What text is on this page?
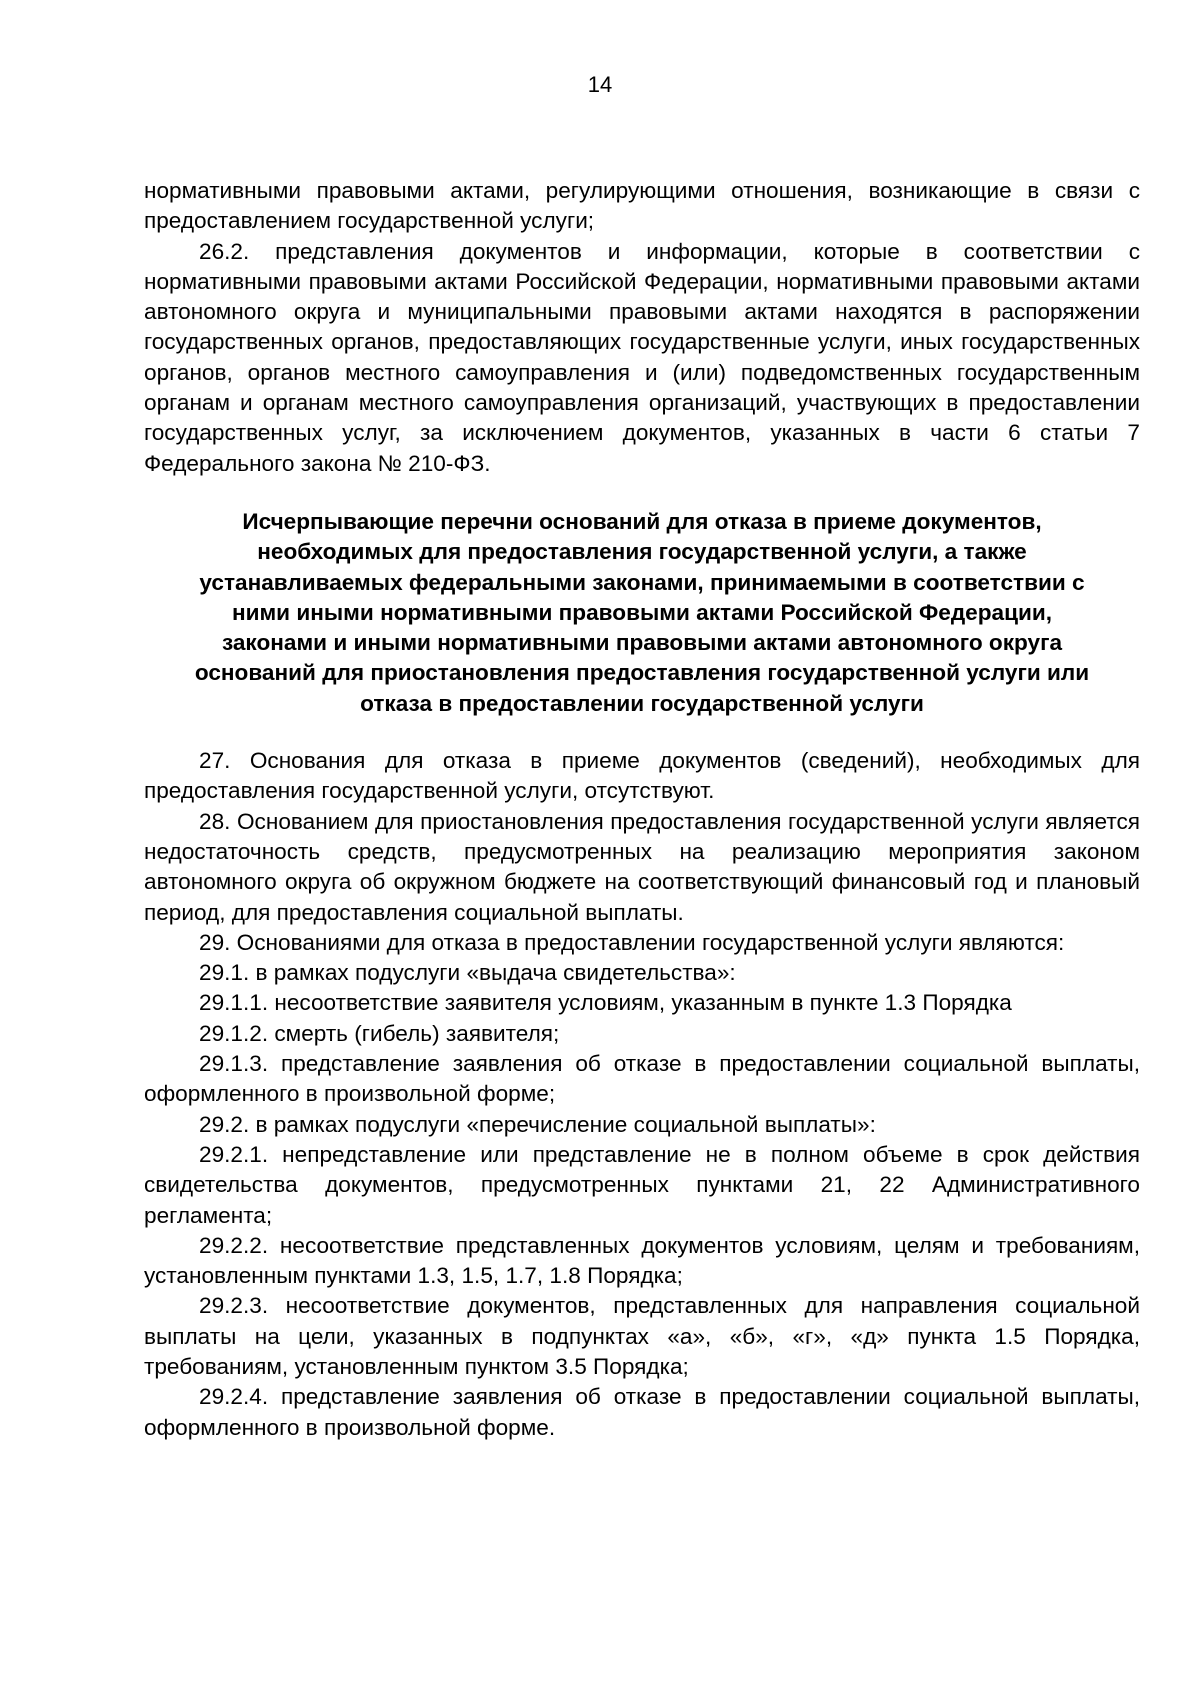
14

нормативными правовыми актами, регулирующими отношения, возникающие в связи с предоставлением государственной услуги;

26.2. представления документов и информации, которые в соответствии с нормативными правовыми актами Российской Федерации, нормативными правовыми актами автономного округа и муниципальными правовыми актами находятся в распоряжении государственных органов, предоставляющих государственные услуги, иных государственных органов, органов местного самоуправления и (или) подведомственных государственным органам и органам местного самоуправления организаций, участвующих в предоставлении государственных услуг, за исключением документов, указанных в части 6 статьи 7 Федерального закона № 210-ФЗ.

Исчерпывающие перечни оснований для отказа в приеме документов, необходимых для предоставления государственной услуги, а также устанавливаемых федеральными законами, принимаемыми в соответствии с ними иными нормативными правовыми актами Российской Федерации, законами и иными нормативными правовыми актами автономного округа оснований для приостановления предоставления государственной услуги или отказа в предоставлении государственной услуги

27. Основания для отказа в приеме документов (сведений), необходимых для предоставления государственной услуги, отсутствуют.

28. Основанием для приостановления предоставления государственной услуги является недостаточность средств, предусмотренных на реализацию мероприятия законом автономного округа об окружном бюджете на соответствующий финансовый год и плановый период, для предоставления социальной выплаты.

29. Основаниями для отказа в предоставлении государственной услуги являются:

29.1. в рамках подуслуги «выдача свидетельства»:

29.1.1. несоответствие заявителя условиям, указанным в пункте 1.3 Порядка

29.1.2. смерть (гибель) заявителя;

29.1.3. представление заявления об отказе в предоставлении социальной выплаты, оформленного в произвольной форме;

29.2. в рамках подуслуги «перечисление социальной выплаты»:

29.2.1. непредставление или представление не в полном объеме в срок действия свидетельства документов, предусмотренных пунктами 21, 22 Административного регламента;

29.2.2. несоответствие представленных документов условиям, целям и требованиям, установленным пунктами 1.3, 1.5, 1.7, 1.8 Порядка;

29.2.3. несоответствие документов, представленных для направления социальной выплаты на цели, указанных в подпунктах «а», «б», «г», «д» пункта 1.5 Порядка, требованиям, установленным пунктом 3.5 Порядка;

29.2.4. представление заявления об отказе в предоставлении социальной выплаты, оформленного в произвольной форме.
